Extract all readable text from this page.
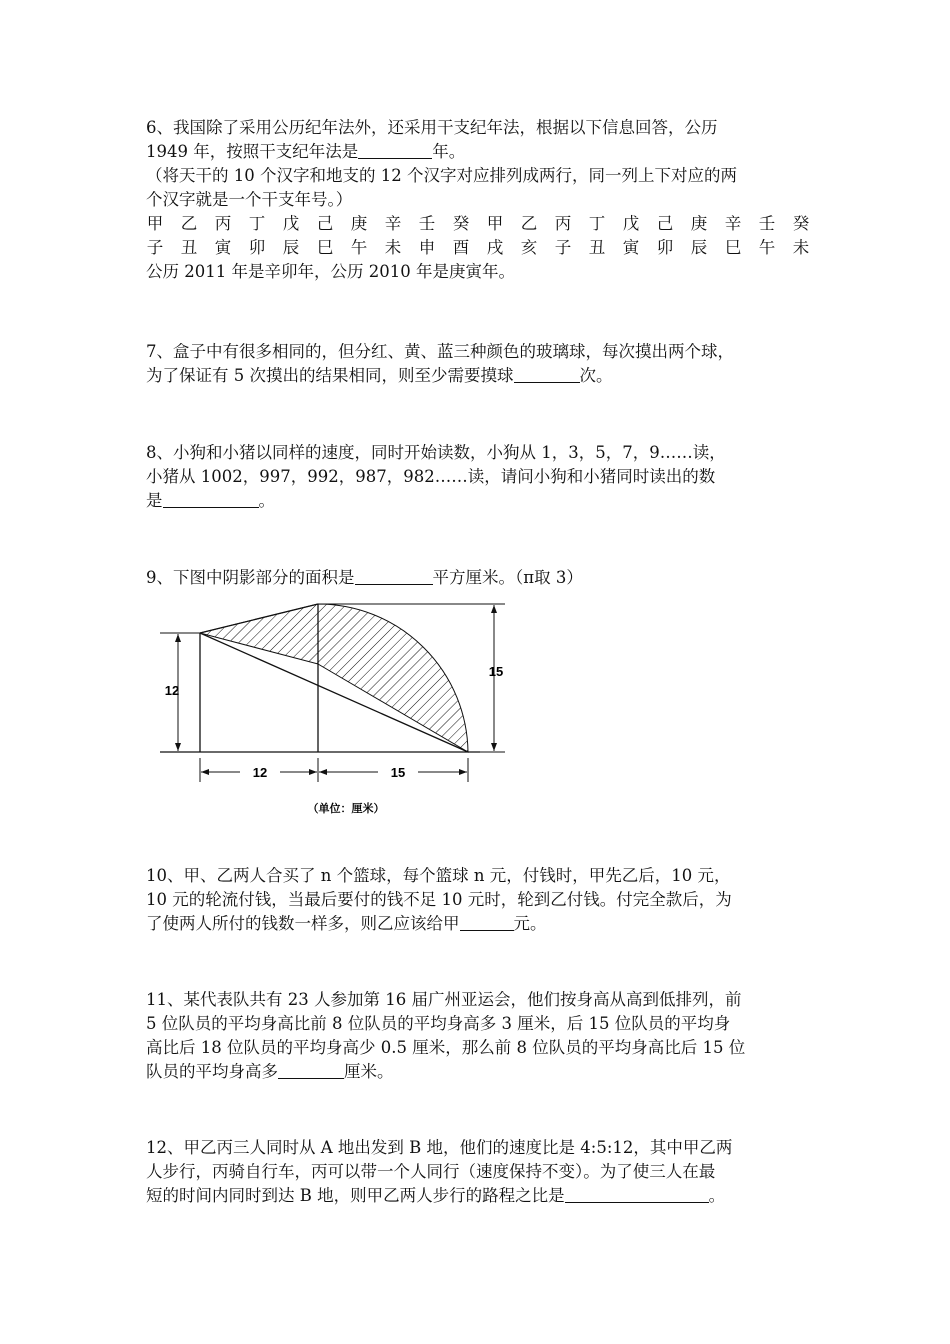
6、我国除了采用公历纪年法外，还采用干支纪年法，根据以下信息回答，公历

1949 年，按照干支纪年法是	年。

（将天干的 10 个汉字和地支的 12 个汉字对应排列成两行，同一列上下对应的两

个汉字就是一个干支年号。）

甲 乙 丙 丁 戊 己 庚 辛 壬 癸 甲 乙 丙 丁 戊 己 庚 辛 壬 癸
子 丑 寅 卯 辰 巳 午 未 申 酉 戌 亥 子 丑 寅 卯 辰 巳 午 未

公历 2011 年是辛卯年，公历 2010 年是庚寅年。

7、盒子中有很多相同的，但分红、黄、蓝三种颜色的玻璃球，每次摸出两个球，

为了保证有 5 次摸出的结果相同，则至少需要摸球	次。

8、小狗和小猪以同样的速度，同时开始读数，小狗从 1，3，5，7，9……读，

小猪从 1002，997，992，987，982……读，请问小狗和小猪同时读出的数

是	。

9、下图中阴影部分的面积是	平方厘米。（π取 3）

12
15
12	15
（单位：厘米）

10、甲、乙两人合买了 n 个篮球，每个篮球 n 元，付钱时，甲先乙后，10 元，

10 元的轮流付钱，当最后要付的钱不足 10 元时，轮到乙付钱。付完全款后，为

了使两人所付的钱数一样多，则乙应该给甲	元。

11、某代表队共有 23 人参加第 16 届广州亚运会，他们按身高从高到低排列，前

5 位队员的平均身高比前 8 位队员的平均身高多 3 厘米，后 15 位队员的平均身

高比后 18 位队员的平均身高少 0.5 厘米，那么前 8 位队员的平均身高比后 15 位

队员的平均身高多	厘米。

12、甲乙丙三人同时从 A 地出发到 B 地，他们的速度比是 4:5:12，其中甲乙两

人步行，丙骑自行车，丙可以带一个人同行（速度保持不变）。为了使三人在最

短的时间内同时到达 B 地，则甲乙两人步行的路程之比是	。
